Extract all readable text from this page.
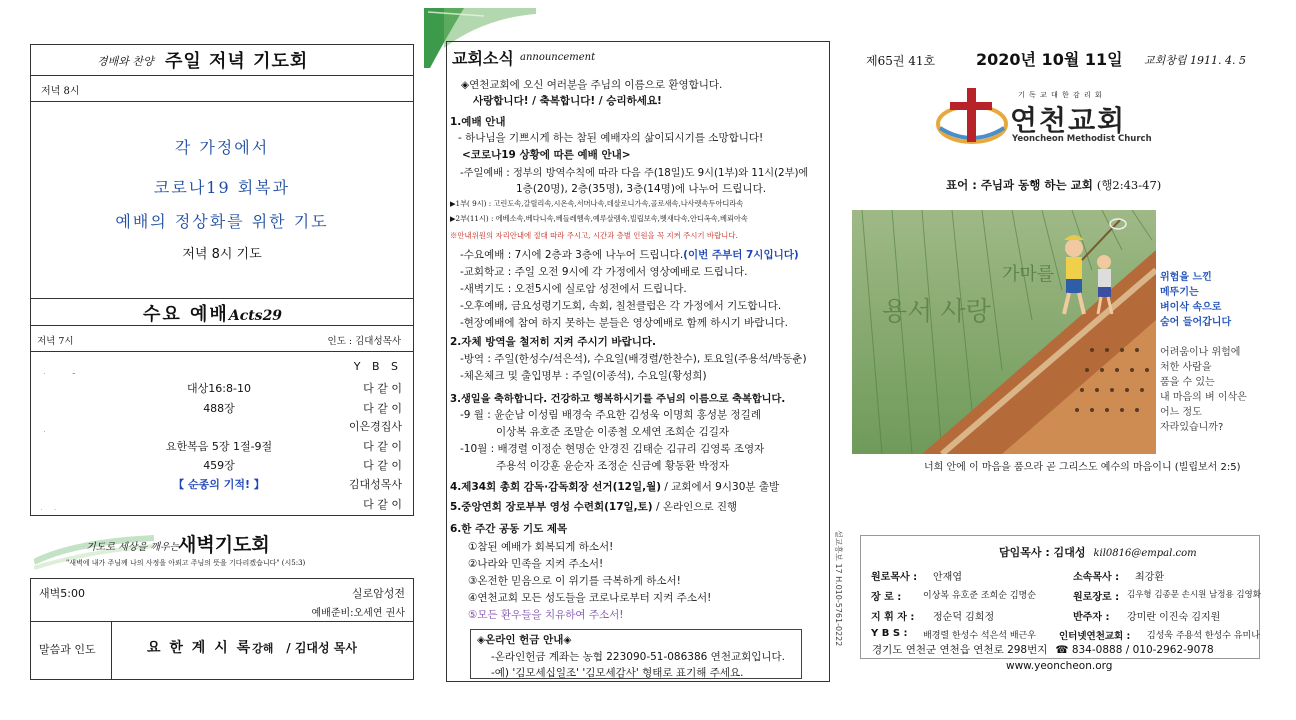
경배와 찬양 주일 저녁 기도회
저녁 8시
각 가정에서
코로나19 회복과
예배의 정상화를 위한 기도
저녁 8시 기도
수요 예배Acts29
저녁 7시	인도 : 김대성목사
Y B S
대상16:8-10	다 같 이
488장	다 같 이
이은경집사
요한복음 5장 1절-9절	다 같 이
459장	다 같 이
【 순종의 기적! 】	김대성목사
다 같 이
기도로 세상을 깨우는
새벽기도회
"새벽에 내가 주님께 나의 사정을 아뢰고 주님의 뜻을 기다리겠습니다" (시5:3)
새벽5:00	실로암성전
예배준비:오세연 권사
말씀과 인도	요 한 계 시 록강해 / 김대성 목사
교회소식 announcement
◈연천교회에 오신 여러분을 주님의 이름으로 환영합니다.
사랑합니다! / 축복합니다! / 승리하세요!
1.예배 안내
- 하나님을 기쁘시게 하는 참된 예배자의 삶이되시기를 소망합니다!
<코로나19 상황에 따른 예배 안내>
-주일예배 : 정부의 방역수칙에 따라 다음 주(18일)도 9시(1부)와 11시(2부)에
1층(20명), 2층(35명), 3층(14명)에 나누어 드립니다.
▶1부( 9시) : 고린도속,갈릴리속,시온속,서머나속,데살로니가속,골로새속,나사렛속두아디라속
▶2부(11시) : 에베소속,베다니속,베들레헴속,예루살렘속,빌립보속,벳새다속,안디옥속,베뢰아속
※안내위원의 자리안내에 절대 따라 주시고, 시간과 층별 인원을 꼭 지켜 주시기 바랍니다.
-수요예배 : 7시에 2층과 3층에 나누어 드립니다.(이번 주부터 7시입니다)
-교회학교 : 주일 오전 9시에 각 가정에서 영상예배로 드립니다.
-새벽기도 : 오전5시에 실로암 성전에서 드립니다.
-오후예배, 금요성령기도회, 속회, 칠천클럽은 각 가정에서 기도합니다.
-현장예배에 참여 하지 못하는 분들은 영상예배로 함께 하시기 바랍니다.
2.자체 방역을 철저히 지켜 주시기 바랍니다.
-방역 : 주일(한성수/석은석), 수요일(배경렬/한찬수), 토요일(주용석/박동춘)
-체온체크 및 출입명부 : 주일(이종석), 수요일(황성희)
3.생일을 축하합니다. 건강하고 행복하시기를 주님의 이름으로 축복합니다.
-9 월 : 윤순남 이성림 배경숙 주요한 김성욱 이명희 홍성분 정길례
이상복 유호준 조말순 이종철 오세연 조희순 김길자
-10월 : 배경렬 이정순 현명순 안경진 김태순 김규리 김영록 조영자
주용석 이강훈 윤순자 조정순 신금예 황동환 박정자
4.제34회 총회 감독·감독회장 선거(12일,월) / 교회에서 9시30분 출발
5.중앙연회 장로부부 영성 수련회(17일,토) / 온라인으로 진행
6.한 주간 공동 기도 제목
①참된 예배가 회복되게 하소서!
②나라와 민족을 지켜 주소서!
③온전한 믿음으로 이 위기를 극복하게 하소서!
④연천교회 모든 성도들을 코로나로부터 지켜 주소서!
⑤모든 환우들을 치유하여 주소서!
◈온라인 헌금 안내◈
-온라인헌금 계좌는 농협 223090-51-086386 연천교회입니다.
-예) '김모세십일조' '김모세감사' 형태로 표기해 주세요.
제65권 41호	2020년 10월 11일 교회창립 1911. 4. 5
기 독 교 대 한 감 리 회
연천교회
Yeoncheon Methodist Church
표어 : 주님과 동행 하는 교회 (행2:43-47)
가마를
용서 사랑
위험을 느낀
메뚜기는
벼이삭 속으로
숨어 들어갑니다
어려움이나 위험에
처한 사람을
품을 수 있는
내 마음의 벼 이삭은
어느 정도
자라있습니까?
너희 안에 이 마음을 품으라 곧 그리스도 예수의 마음이니 (빌립보서 2:5)
설교흥보 17 H.010-5761-0222	담임목사 : 김대성 kil0816@empal.com
원로목사 : 안재엽	소속목사 : 최강환
장 로 : 이상복 유호준 조희순 김명순	원로장로 : 김우형 김종문 손시원 남정용 김영화
지 휘 자 : 정순덕 김희정	반주자 : 강미란 이진숙 김지원
Y B S : 배경렬 한성수 석은석 배근우 인터넷연천교회 : 김성욱 주용석 한성수 유미나
경기도 연천군 연천읍 연천로 298번지 ☎ 834-0888 / 010-2962-9078
www.yeoncheon.org
